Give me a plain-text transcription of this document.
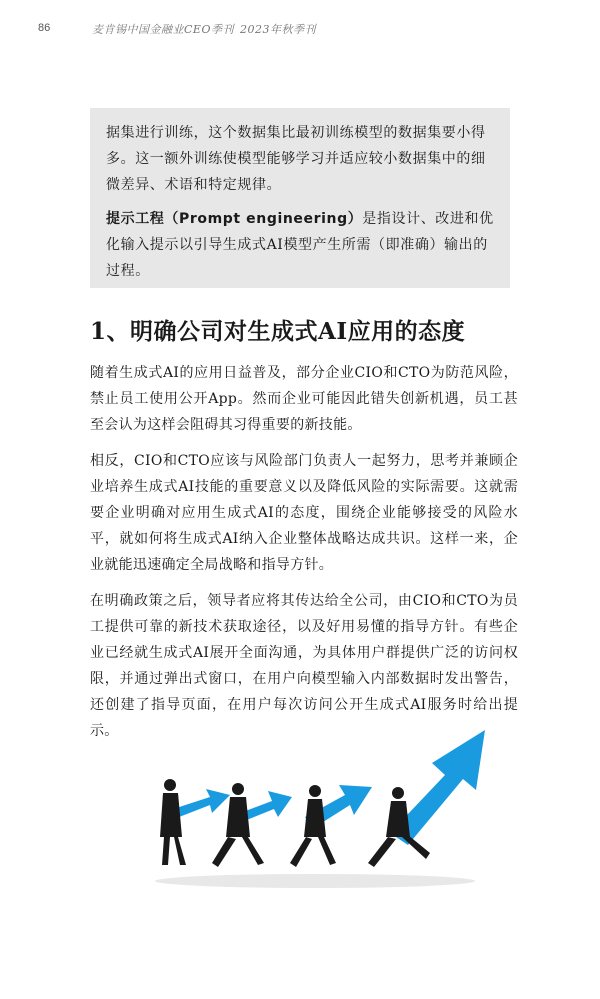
86	麦肯锡中国金融业CEO季刊 2023年秋季刊

据集进行训练，这个数据集比最初训练模型的数据集要小得多。这一额外训练使模型能够学习并适应较小数据集中的细微差异、术语和特定规律。

提示工程（Prompt engineering）是指设计、改进和优化输入提示以引导生成式AI模型产生所需（即准确）输出的过程。

1、明确公司对生成式AI应用的态度

随着生成式AI的应用日益普及，部分企业CIO和CTO为防范风险，禁止员工使用公开App。然而企业可能因此错失创新机遇，员工甚至会认为这样会阻碍其习得重要的新技能。

相反，CIO和CTO应该与风险部门负责人一起努力，思考并兼顾企业培养生成式AI技能的重要意义以及降低风险的实际需要。这就需要企业明确对应用生成式AI的态度，围绕企业能够接受的风险水平，就如何将生成式AI纳入企业整体战略达成共识。这样一来，企业就能迅速确定全局战略和指导方针。

在明确政策之后，领导者应将其传达给全公司，由CIO和CTO为员工提供可靠的新技术获取途径，以及好用易懂的指导方针。有些企业已经就生成式AI展开全面沟通，为具体用户群提供广泛的访问权限，并通过弹出式窗口，在用户向模型输入内部数据时发出警告，还创建了指导页面，在用户每次访问公开生成式AI服务时给出提示。
